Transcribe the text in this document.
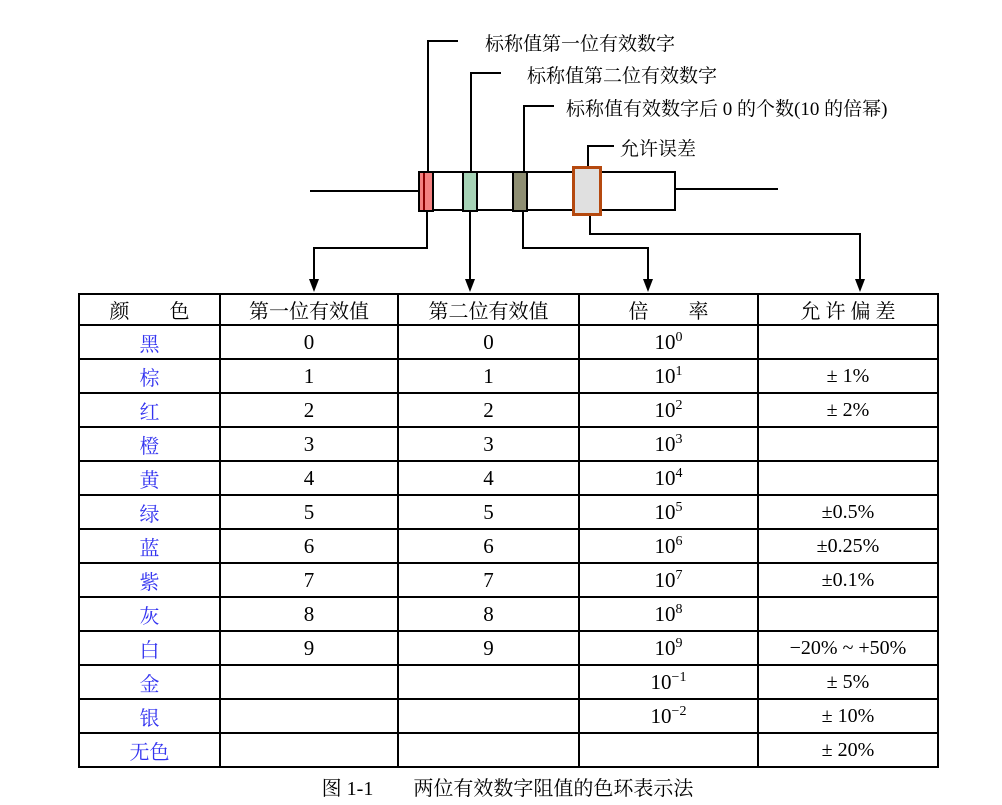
标称值第一位有效数字
标称值第二位有效数字
标称值有效数字后 0 的个数(10 的倍幂)
允许误差
颜　　色	第一位有效值	第二位有效值	倍　　率	允 许 偏 差
黑	0	0	$10^0$	
棕	1	1	$10^1$	± 1%
红	2	2	$10^2$	± 2%
橙	3	3	$10^3$	
黄	4	4	$10^4$	
绿	5	5	$10^5$	±0.5%
蓝	6	6	$10^6$	±0.25%
紫	7	7	$10^7$	±0.1%
灰	8	8	$10^8$	
白	9	9	$10^9$	−20% ~ +50%
金			$10^{-1}$	± 5%
银			$10^{-2}$	± 10%
无色				± 20%
图 1-1　　两位有效数字阻值的色环表示法
